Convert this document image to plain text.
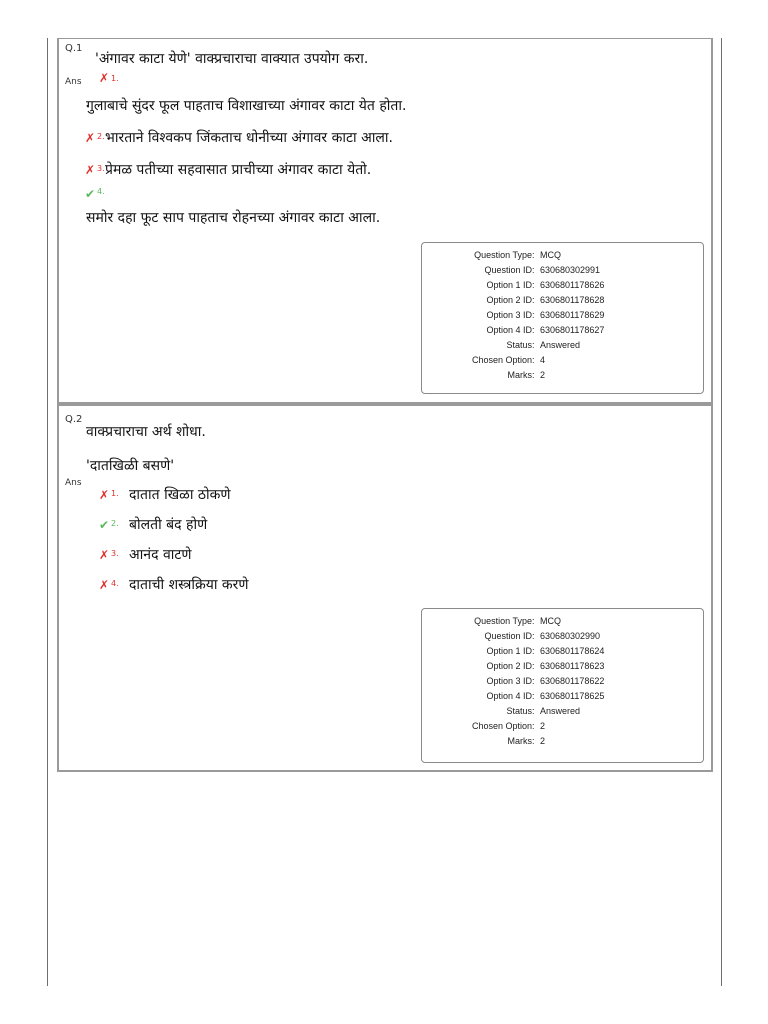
Q.1
Ans
'अंगावर काटा येणे' वाक्प्रचाराचा वाक्यात उपयोग करा.
✗ 1.
गुलाबाचे सुंदर फूल पाहताच विशाखाच्या अंगावर काटा येत होता.
✗ 2. भारताने विश्वकप जिंकताच धोनीच्या अंगावर काटा आला.
✗ 3. प्रेमळ पतीच्या सहवासात प्राचीच्या अंगावर काटा येतो.
✔ 4.
समोर दहा फूट साप पाहताच रोहनच्या अंगावर काटा आला.
Question Type : MCQ
Question ID : 630680302991
Option 1 ID : 6306801178626
Option 2 ID : 6306801178628
Option 3 ID : 6306801178629
Option 4 ID : 6306801178627
Status : Answered
Chosen Option : 4
Marks : 2
Q.2
Ans
वाक्प्रचाराचा अर्थ शोधा.
'दातखिळी बसणे'
✗ 1. दातात खिळा ठोकणे
✔ 2. बोलती बंद होणे
✗ 3. आनंद वाटणे
✗ 4. दाताची शस्त्रक्रिया करणे
Question Type : MCQ
Question ID : 630680302990
Option 1 ID : 6306801178624
Option 2 ID : 6306801178623
Option 3 ID : 6306801178622
Option 4 ID : 6306801178625
Status : Answered
Chosen Option : 2
Marks : 2
